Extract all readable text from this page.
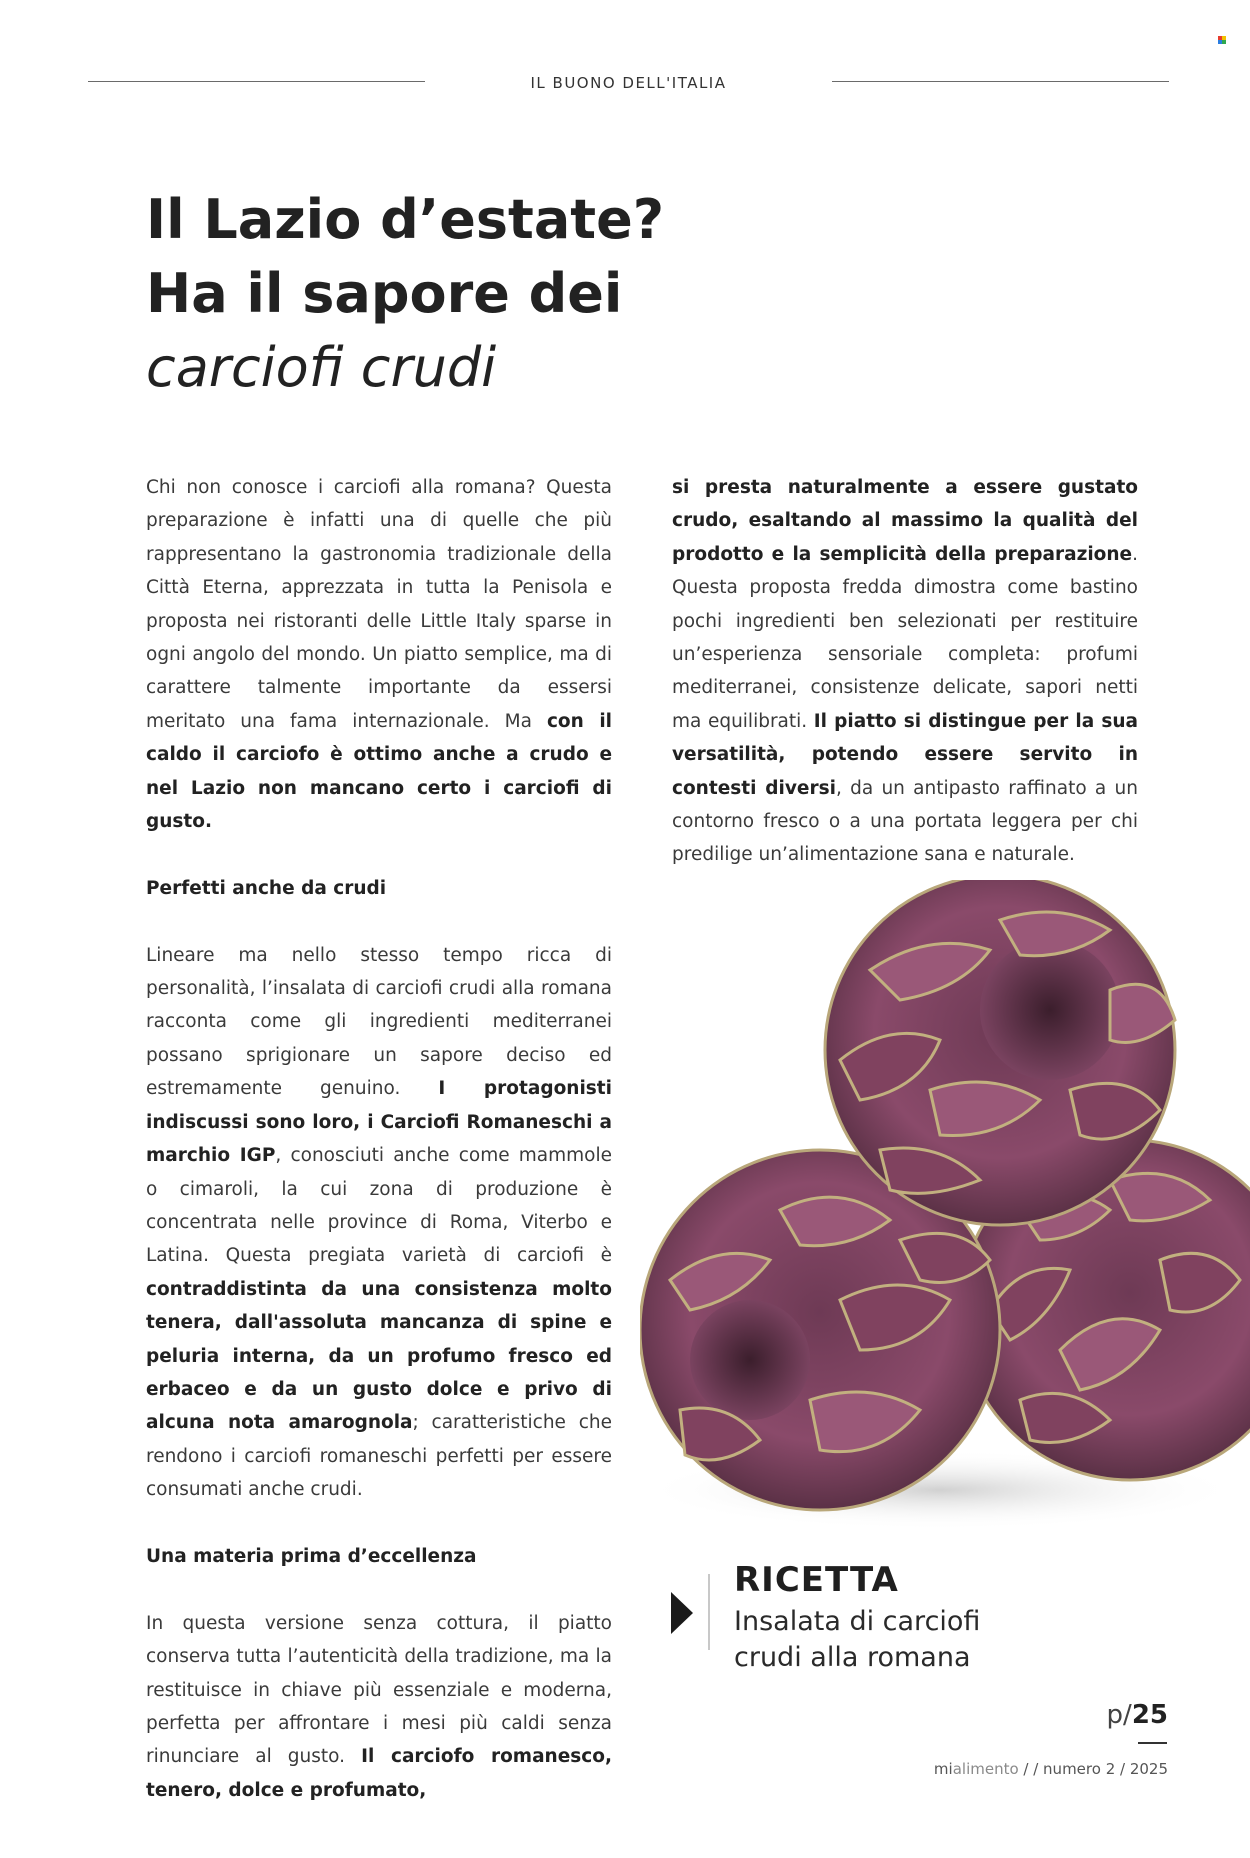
IL BUONO DELL'ITALIA
Il Lazio d’estate?
Ha il sapore dei
carciofi crudi

Chi non conosce i carciofi alla romana? Questa preparazione è infatti una di quelle che più rappresentano la gastronomia tradizionale della Città Eterna, apprezzata in tutta la Penisola e proposta nei ristoranti delle Little Italy sparse in ogni angolo del mondo. Un piatto semplice, ma di carattere talmente importante da essersi meritato una fama internazionale. Ma con il caldo il carciofo è ottimo anche a crudo e nel Lazio non mancano certo i carciofi di gusto.

Perfetti anche da crudi

Lineare ma nello stesso tempo ricca di personalità, l’insalata di carciofi crudi alla romana racconta come gli ingredienti mediterranei possano sprigionare un sapore deciso ed estremamente genuino. I protagonisti indiscussi sono loro, i Carciofi Romaneschi a marchio IGP, conosciuti anche come mammole o cimaroli, la cui zona di produzione è concentrata nelle province di Roma, Viterbo e Latina. Questa pregiata varietà di carciofi è contraddistinta da una consistenza molto tenera, dall'assoluta mancanza di spine e peluria interna, da un profumo fresco ed erbaceo e da un gusto dolce e privo di alcuna nota amarognola; caratteristiche che rendono i carciofi romaneschi perfetti per essere consumati anche crudi.

Una materia prima d’eccellenza

In questa versione senza cottura, il piatto conserva tutta l’autenticità della tradizione, ma la restituisce in chiave più essenziale e moderna, perfetta per affrontare i mesi più caldi senza rinunciare al gusto. Il carciofo romanesco, tenero, dolce e profumato,

si presta naturalmente a essere gustato crudo, esaltando al massimo la qualità del prodotto e la semplicità della preparazione. Questa proposta fredda dimostra come bastino pochi ingredienti ben selezionati per restituire un’esperienza sensoriale completa: profumi mediterranei, consistenze delicate, sapori netti ma equilibrati. Il piatto si distingue per la sua versatilità, potendo essere servito in contesti diversi, da un antipasto raffinato a un contorno fresco o a una portata leggera per chi predilige un’alimentazione sana e naturale.

RICETTA
Insalata di carciofi
crudi alla romana
p/25
mialimento / / numero 2 / 2025
